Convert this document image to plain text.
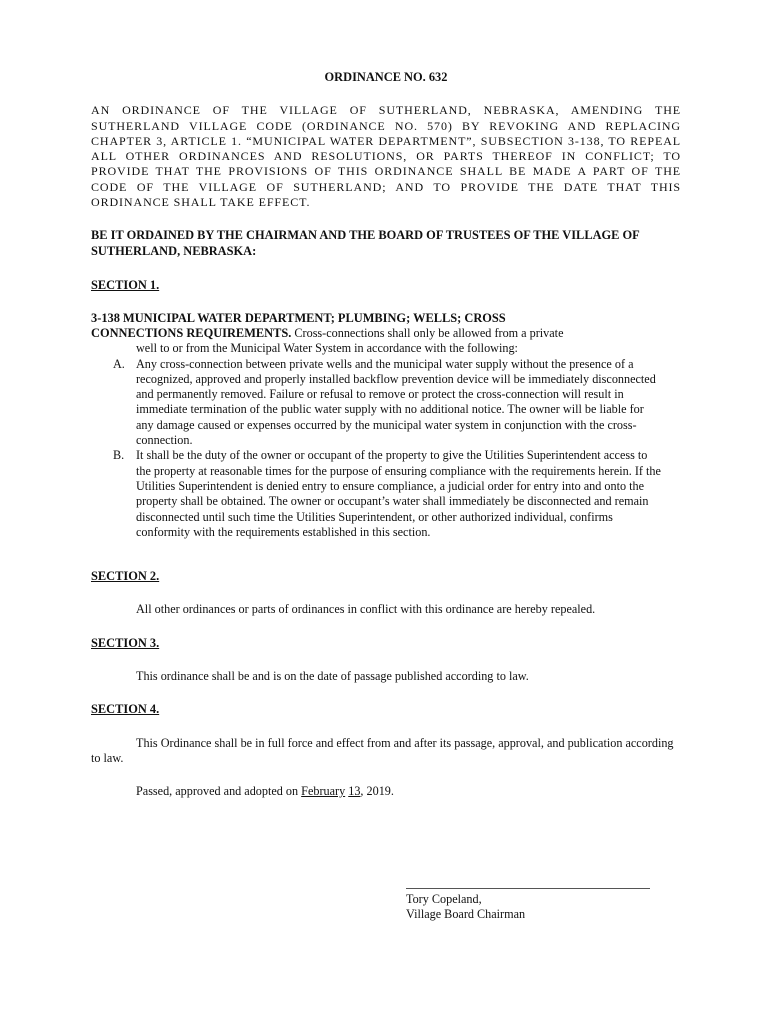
ORDINANCE NO. 632

AN ORDINANCE OF THE VILLAGE OF SUTHERLAND, NEBRASKA, AMENDING THE SUTHERLAND VILLAGE CODE (ORDINANCE NO. 570) BY REVOKING AND REPLACING CHAPTER 3, ARTICLE 1. “MUNICIPAL WATER DEPARTMENT”, SUBSECTION 3-138, TO REPEAL ALL OTHER ORDINANCES AND RESOLUTIONS, OR PARTS THEREOF IN CONFLICT; TO PROVIDE THAT THE PROVISIONS OF THIS ORDINANCE SHALL BE MADE A PART OF THE CODE OF THE VILLAGE OF SUTHERLAND; AND TO PROVIDE THE DATE THAT THIS ORDINANCE SHALL TAKE EFFECT.

BE IT ORDAINED BY THE CHAIRMAN AND THE BOARD OF TRUSTEES OF THE VILLAGE OF SUTHERLAND, NEBRASKA:

SECTION 1.

3-138 MUNICIPAL WATER DEPARTMENT; PLUMBING; WELLS; CROSS
CONNECTIONS REQUIREMENTS. Cross-connections shall only be allowed from a private
well to or from the Municipal Water System in accordance with the following:
A. Any cross-connection between private wells and the municipal water supply without the presence of a recognized, approved and properly installed backflow prevention device will be immediately disconnected and permanently removed. Failure or refusal to remove or protect the cross-connection will result in immediate termination of the public water supply with no additional notice. The owner will be liable for any damage caused or expenses occurred by the municipal water system in conjunction with the cross-connection.
B. It shall be the duty of the owner or occupant of the property to give the Utilities Superintendent access to the property at reasonable times for the purpose of ensuring compliance with the requirements herein. If the Utilities Superintendent is denied entry to ensure compliance, a judicial order for entry into and onto the property shall be obtained. The owner or occupant’s water shall immediately be disconnected and remain disconnected until such time the Utilities Superintendent, or other authorized individual, confirms conformity with the requirements established in this section.

SECTION 2.

All other ordinances or parts of ordinances in conflict with this ordinance are hereby repealed.

SECTION 3.

This ordinance shall be and is on the date of passage published according to law.

SECTION 4.

This Ordinance shall be in full force and effect from and after its passage, approval, and publication according to law.

Passed, approved and adopted on February 13, 2019.

Tory Copeland,
Village Board Chairman
